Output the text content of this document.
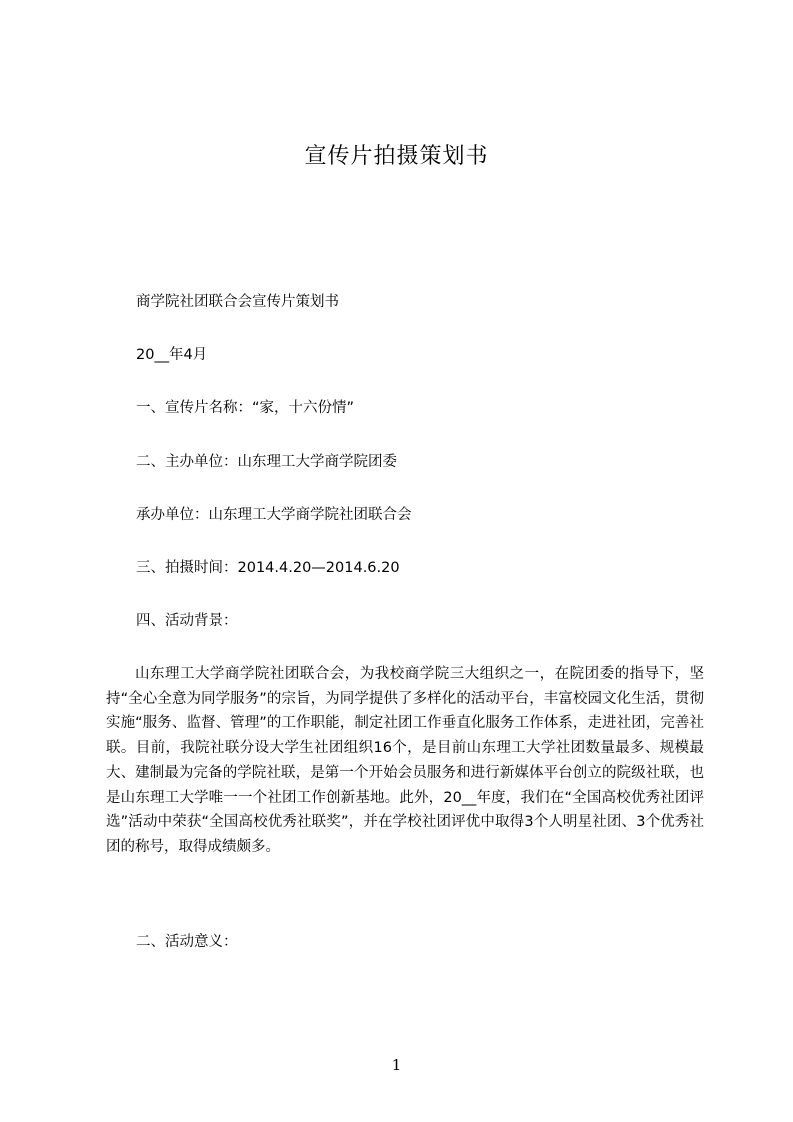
宣传片拍摄策划书
商学院社团联合会宣传片策划书
20__年4月
一、宣传片名称：“家，十六份情”
二、主办单位：山东理工大学商学院团委
承办单位：山东理工大学商学院社团联合会
三、拍摄时间：2014.4.20—2014.6.20
四、活动背景：

山东理工大学商学院社团联合会，为我校商学院三大组织之一，在院团委的指导下，坚持“全心全意为同学服务”的宗旨，为同学提供了多样化的活动平台，丰富校园文化生活，贯彻实施“服务、监督、管理”的工作职能，制定社团工作垂直化服务工作体系，走进社团，完善社联。目前，我院社联分设大学生社团组织16个，是目前山东理工大学社团数量最多、规模最大、建制最为完备的学院社联，是第一个开始会员服务和进行新媒体平台创立的院级社联，也是山东理工大学唯一一个社团工作创新基地。此外，20__年度，我们在“全国高校优秀社团评选”活动中荣获“全国高校优秀社联奖”，并在学校社团评优中取得3个人明星社团、3个优秀社团的称号，取得成绩颇多。

二、活动意义：
1
